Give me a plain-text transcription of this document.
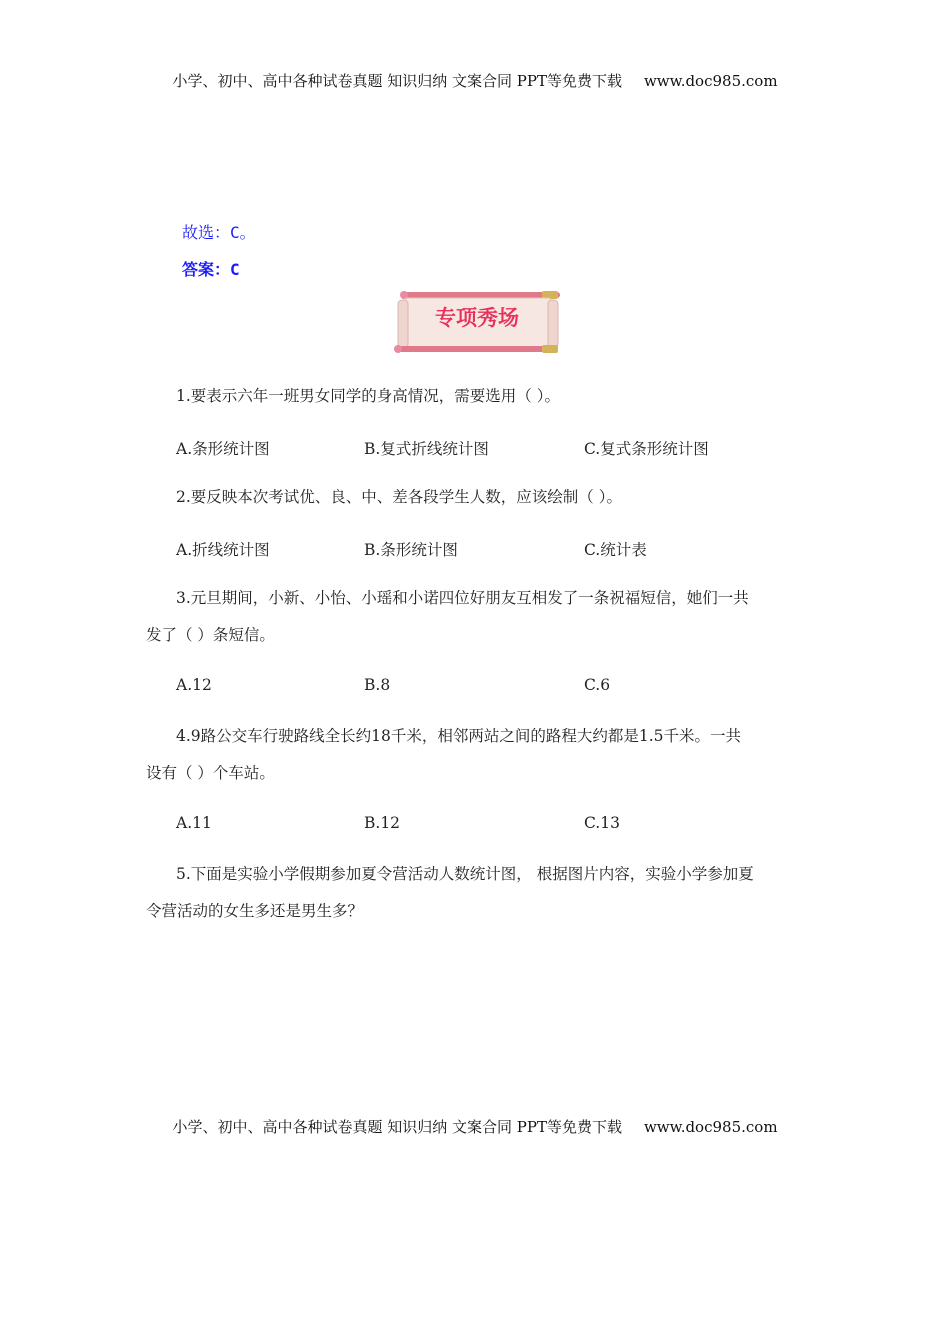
小学、初中、高中各种试卷真题 知识归纳 文案合同 PPT等免费下载 www.doc985.com
故选：C。
答案：C
专项秀场
1.要表示六年一班男女同学的身高情况，需要选用（ ）。
A.条形统计图	B.复式折线统计图	C.复式条形统计图
2.要反映本次考试优、良、中、差各段学生人数，应该绘制（ ）。
A.折线统计图	B.条形统计图	C.统计表
3.元旦期间，小新、小怡、小瑶和小诺四位好朋友互相发了一条祝福短信，她们一共
发了（ ）条短信。
A.12	B.8	C.6
4.9路公交车行驶路线全长约18千米，相邻两站之间的路程大约都是1.5千米。一共
设有（ ）个车站。
A.11	B.12	C.13
5.下面是实验小学假期参加夏令营活动人数统计图， 根据图片内容，实验小学参加夏
令营活动的女生多还是男生多？
小学、初中、高中各种试卷真题 知识归纳 文案合同 PPT等免费下载 www.doc985.com
